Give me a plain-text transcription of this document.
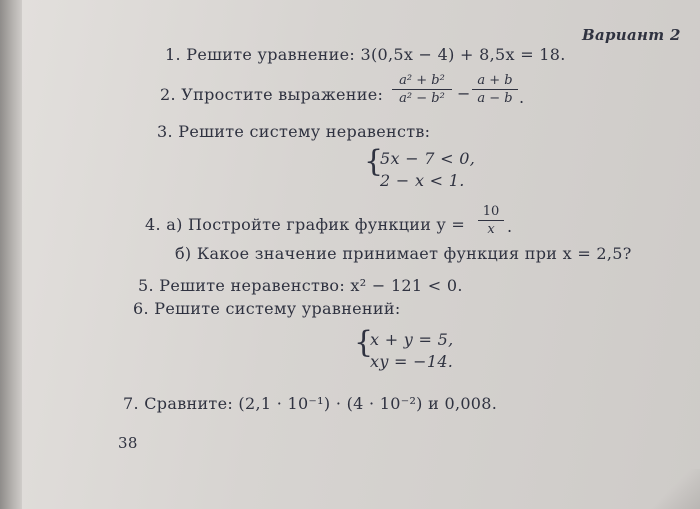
Вариант 2
1. Решите уравнение: 3(0,5x − 4) + 8,5x = 18.
2. Упростите выражение: $\frac{\text{a² + b²}}{\text{a² − b²}} - \frac{a + b}{a - b}$ .
3. Решите систему неравенств:
{
5x − 7 < 0,
2 − x < 1.
4. а) Постройте график функции $y = \frac{10}{x}$ .
б) Какое значение принимает функция при x = 2,5?
5. Решите неравенство: x² − 121 < 0.
6. Решите систему уравнений:
{
x + y = 5,
xy = −14.
7. Сравните: (2,1 · 10⁻¹) · (4 · 10⁻²) и 0,008.
38
